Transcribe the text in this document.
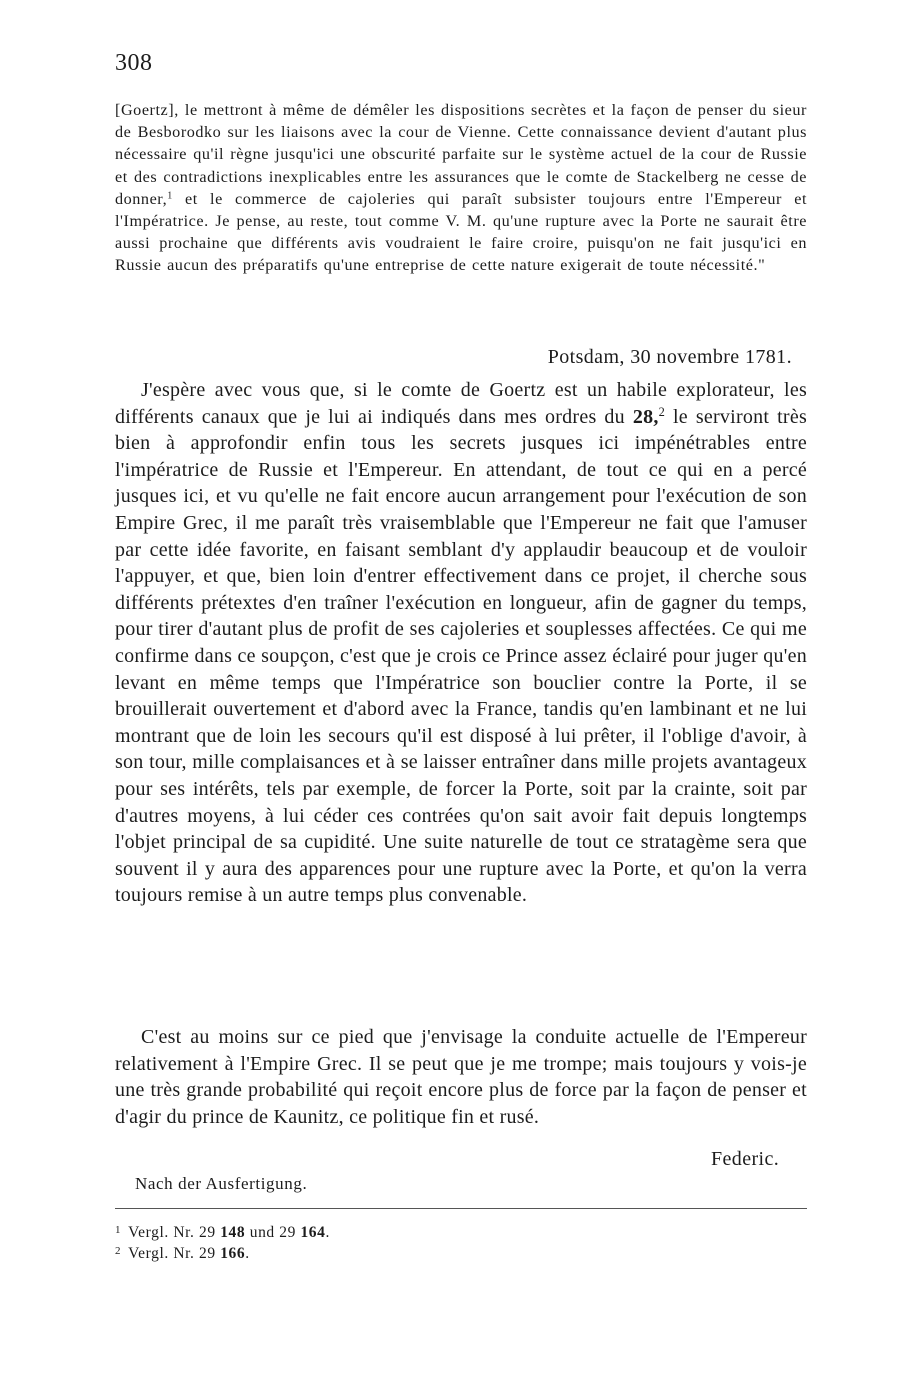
308

[Goertz], le mettront à même de démêler les dispositions secrètes et la façon de penser du sieur de Besborodko sur les liaisons avec la cour de Vienne. Cette connaissance devient d'autant plus nécessaire qu'il règne jusqu'ici une obscurité parfaite sur le système actuel de la cour de Russie et des contradictions inexplicables entre les assurances que le comte de Stackelberg ne cesse de donner,$^1$ et le commerce de cajoleries qui paraît subsister toujours entre l'Empereur et l'Impératrice. Je pense, au reste, tout comme V. M. qu'une rupture avec la Porte ne saurait être aussi prochaine que différents avis voudraient le faire croire, puisqu'on ne fait jusqu'ici en Russie aucun des préparatifs qu'une entreprise de cette nature exigerait de toute nécessité."

Potsdam, 30 novembre 1781.

J'espère avec vous que, si le comte de Goertz est un habile explorateur, les différents canaux que je lui ai indiqués dans mes ordres du 28,$^2$ le serviront très bien à approfondir enfin tous les secrets jusques ici impénétrables entre l'impératrice de Russie et l'Empereur. En attendant, de tout ce qui en a percé jusques ici, et vu qu'elle ne fait encore aucun arrangement pour l'exécution de son Empire Grec, il me paraît très vraisemblable que l'Empereur ne fait que l'amuser par cette idée favorite, en faisant semblant d'y applaudir beaucoup et de vouloir l'appuyer, et que, bien loin d'entrer effectivement dans ce projet, il cherche sous différents prétextes d'en traîner l'exécution en longueur, afin de gagner du temps, pour tirer d'autant plus de profit de ses cajoleries et souplesses affectées. Ce qui me confirme dans ce soupçon, c'est que je crois ce Prince assez éclairé pour juger qu'en levant en même temps que l'Impératrice son bouclier contre la Porte, il se brouillerait ouvertement et d'abord avec la France, tandis qu'en lambinant et ne lui montrant que de loin les secours qu'il est disposé à lui prêter, il l'oblige d'avoir, à son tour, mille complaisances et à se laisser entraîner dans mille projets avantageux pour ses intérêts, tels par exemple, de forcer la Porte, soit par la crainte, soit par d'autres moyens, à lui céder ces contrées qu'on sait avoir fait depuis longtemps l'objet principal de sa cupidité. Une suite naturelle de tout ce stratagème sera que souvent il y aura des apparences pour une rupture avec la Porte, et qu'on la verra toujours remise à un autre temps plus convenable.

C'est au moins sur ce pied que j'envisage la conduite actuelle de l'Empereur relativement à l'Empire Grec. Il se peut que je me trompe; mais toujours y vois-je une très grande probabilité qui reçoit encore plus de force par la façon de penser et d'agir du prince de Kaunitz, ce politique fin et rusé.

Federic.
Nach der Ausfertigung.
$^1$ Vergl. Nr. 29 148 und 29 164.
$^2$ Vergl. Nr. 29 166.
